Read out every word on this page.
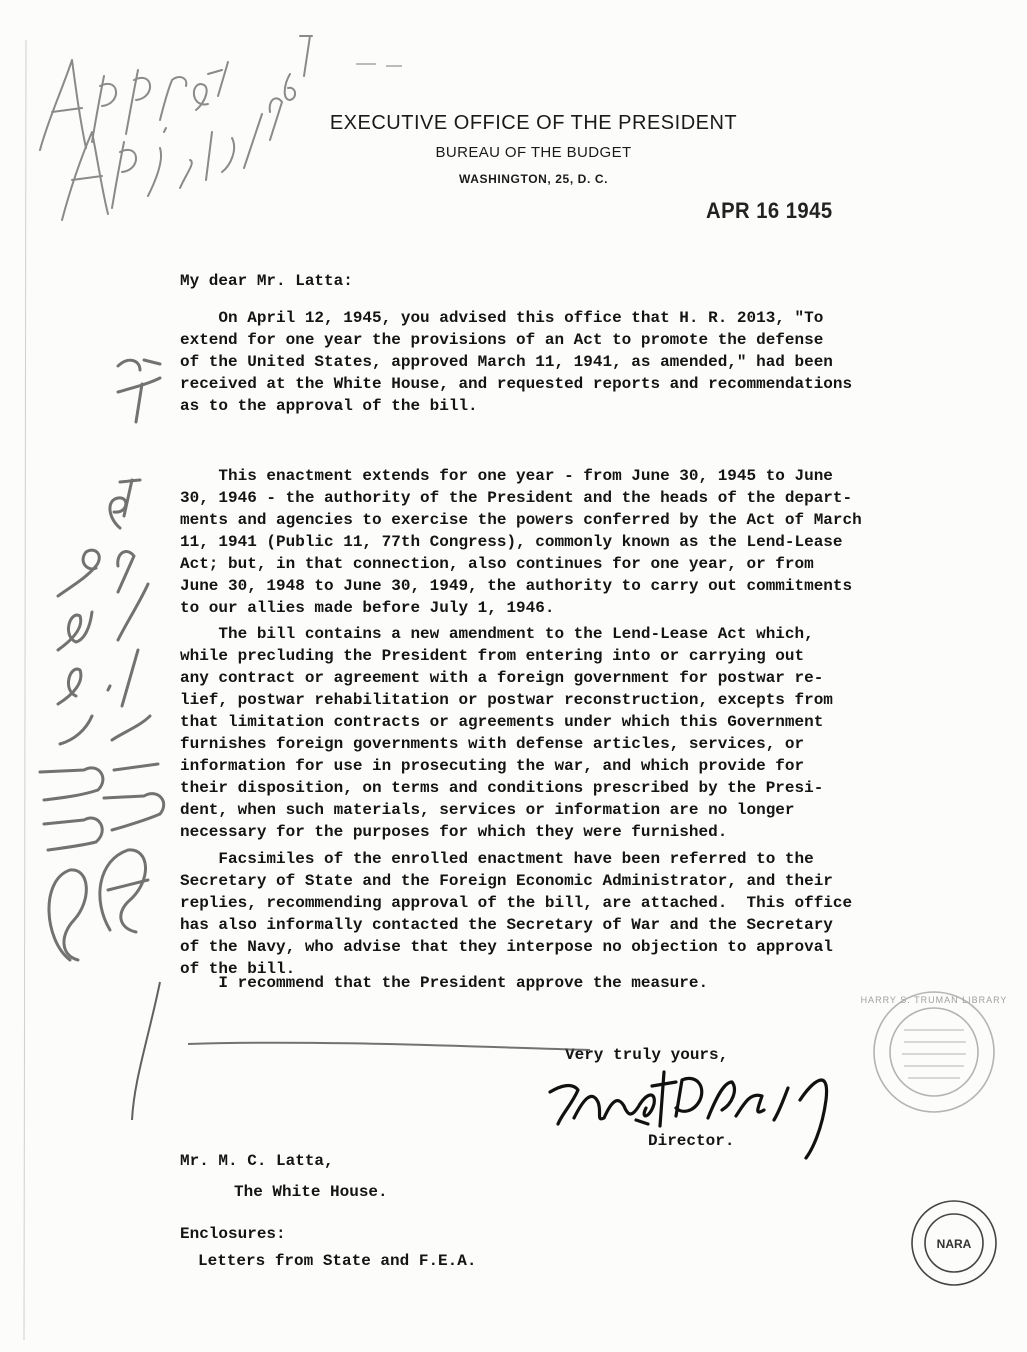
EXECUTIVE OFFICE OF THE PRESIDENT
BUREAU OF THE BUDGET
WASHINGTON, 25, D. C.
APR 16 1945
My dear Mr. Latta:
On April 12, 1945, you advised this office that H. R. 2013, "To
extend for one year the provisions of an Act to promote the defense
of the United States, approved March 11, 1941, as amended," had been
received at the White House, and requested reports and recommendations
as to the approval of the bill.
This enactment extends for one year - from June 30, 1945 to June
30, 1946 - the authority of the President and the heads of the depart-
ments and agencies to exercise the powers conferred by the Act of March
11, 1941 (Public 11, 77th Congress), commonly known as the Lend-Lease
Act; but, in that connection, also continues for one year, or from
June 30, 1948 to June 30, 1949, the authority to carry out commitments
to our allies made before July 1, 1946.
The bill contains a new amendment to the Lend-Lease Act which,
while precluding the President from entering into or carrying out
any contract or agreement with a foreign government for postwar re-
lief, postwar rehabilitation or postwar reconstruction, excepts from
that limitation contracts or agreements under which this Government
furnishes foreign governments with defense articles, services, or
information for use in prosecuting the war, and which provide for
their disposition, on terms and conditions prescribed by the Presi-
dent, when such materials, services or information are no longer
necessary for the purposes for which they were furnished.
Facsimiles of the enrolled enactment have been referred to the
Secretary of State and the Foreign Economic Administrator, and their
replies, recommending approval of the bill, are attached.  This office
has also informally contacted the Secretary of War and the Secretary
of the Navy, who advise that they interpose no objection to approval
of the bill.
I recommend that the President approve the measure.
Very truly yours,
Director.
Mr. M. C. Latta,
The White House.
Enclosures:
Letters from State and F.E.A.
HARRY S. TRUMAN LIBRARY
NARA
